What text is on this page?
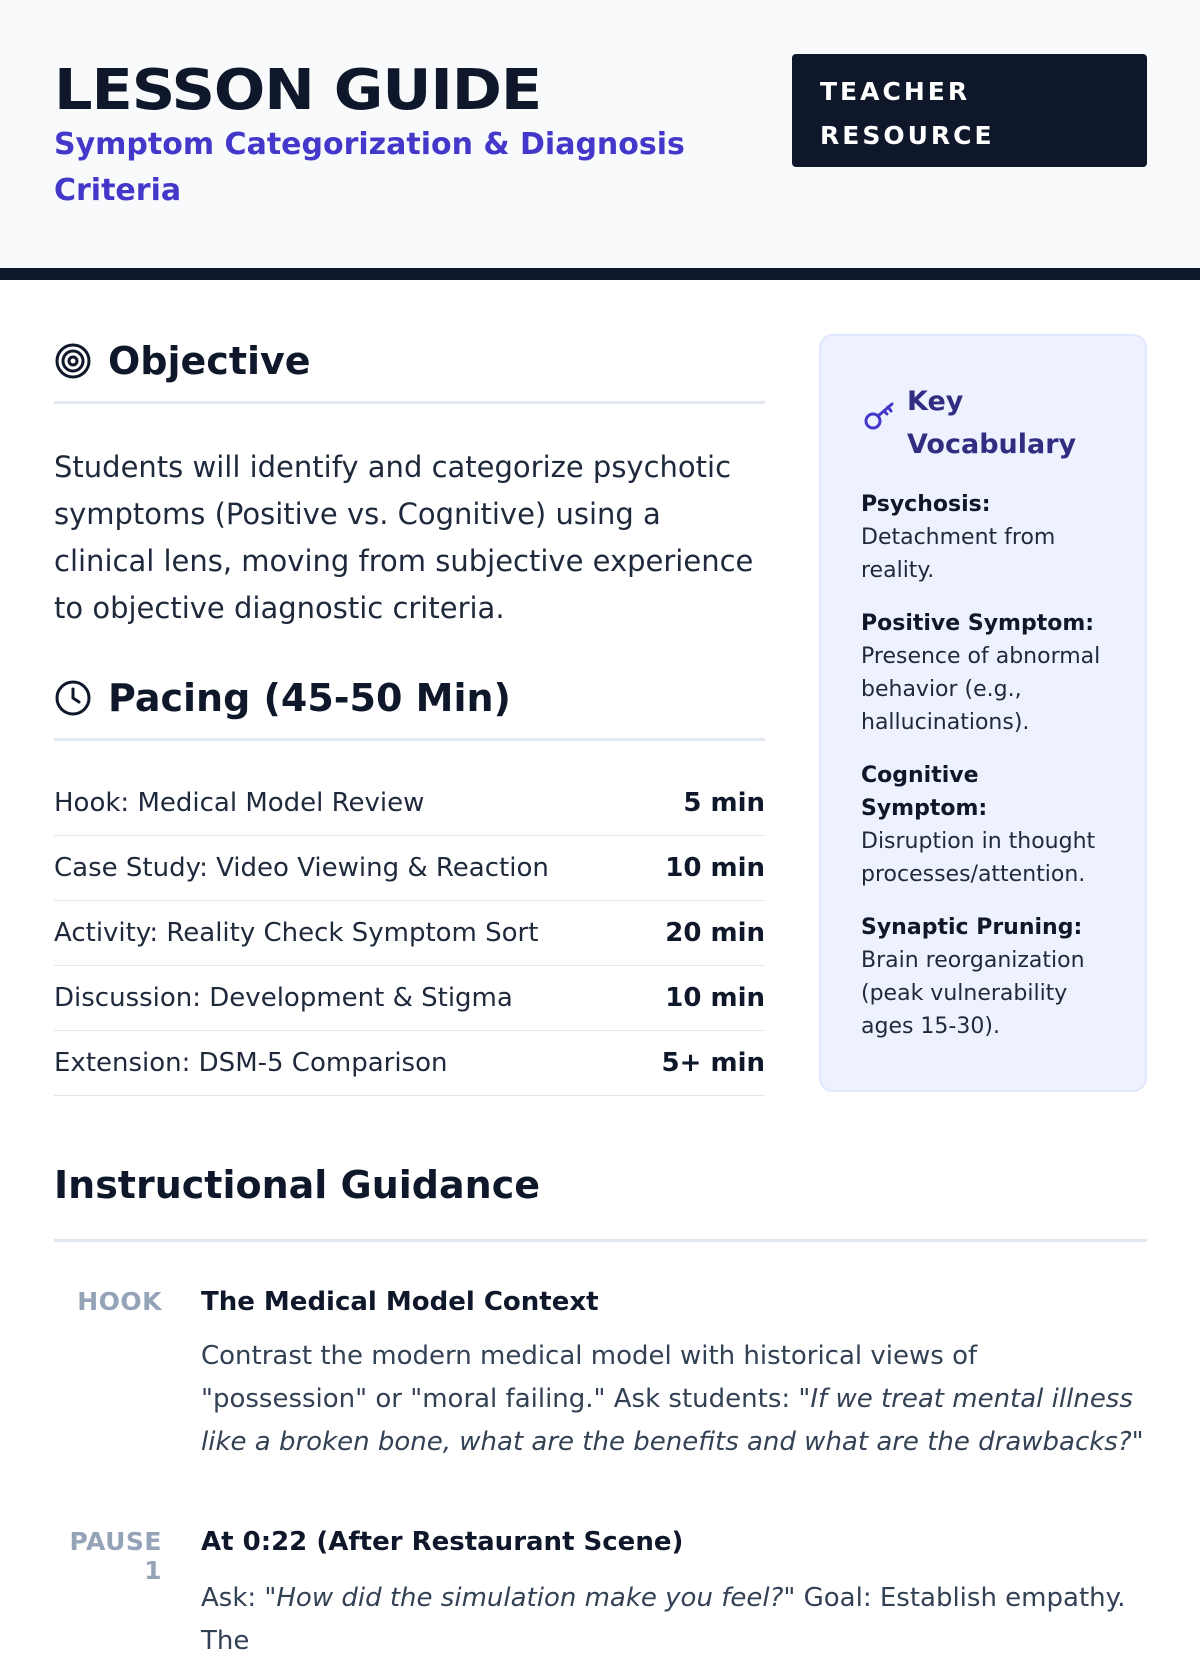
LESSON GUIDE
Symptom Categorization & Diagnosis Criteria
TEACHER
RESOURCE
Objective
Students will identify and categorize psychotic symptoms (Positive vs. Cognitive) using a clinical lens, moving from subjective experience to objective diagnostic criteria.
Pacing (45-50 Min)
Hook: Medical Model Review	5 min
Case Study: Video Viewing & Reaction	10 min
Activity: Reality Check Symptom Sort	20 min
Discussion: Development & Stigma	10 min
Extension: DSM-5 Comparison	5+ min
Key Vocabulary
Psychosis:
Detachment from reality.
Positive Symptom:
Presence of abnormal behavior (e.g., hallucinations).
Cognitive Symptom:
Disruption in thought processes/attention.
Synaptic Pruning:
Brain reorganization (peak vulnerability ages 15-30).
Instructional Guidance
HOOK The Medical Model Context
Contrast the modern medical model with historical views of "possession" or "moral failing." Ask students: "If we treat mental illness like a broken bone, what are the benefits and what are the drawbacks?"
PAUSE 1
At 0:22 (After Restaurant Scene)
Ask: "How did the simulation make you feel?" Goal: Establish empathy. The
